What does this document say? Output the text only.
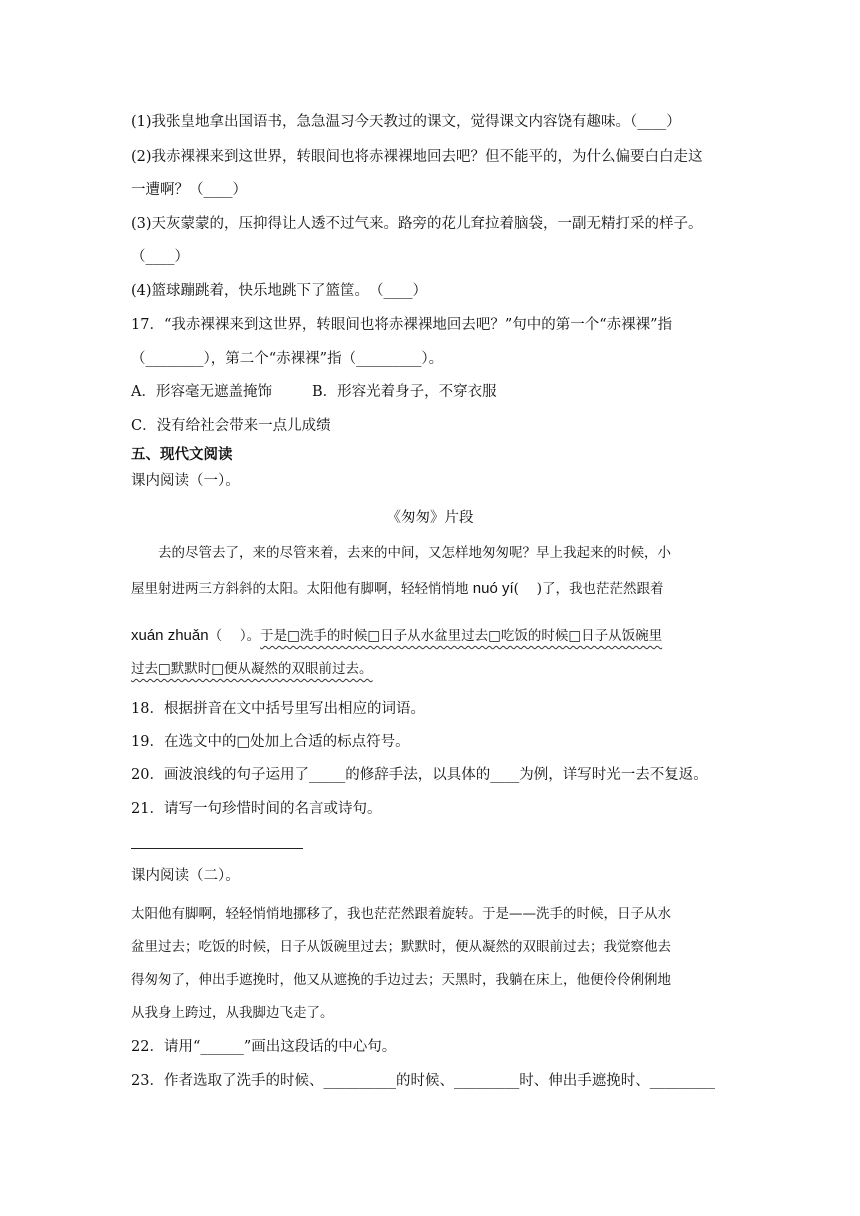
(1)我张皇地拿出国语书，急急温习今天教过的课文，觉得课文内容饶有趣味。（____）
(2)我赤裸裸来到这世界，转眼间也将赤裸裸地回去吧？但不能平的，为什么偏要白白走这
一遭啊？（____）
(3)天灰蒙蒙的，压抑得让人透不过气来。路旁的花儿耷拉着脑袋，一副无精打采的样子。
（____）
(4)篮球蹦跳着，快乐地跳下了篮筐。　（____）
17．“我赤裸裸来到这世界，转眼间也将赤裸裸地回去吧？”句中的第一个“赤裸裸”指
（________），第二个“赤裸裸”指（_________）。
A．形容毫无遮盖掩饰	B．形容光着身子，不穿衣服
C．没有给社会带来一点儿成绩
五、现代文阅读
课内阅读（一）。
《匆匆》片段
　　去的尽管去了，来的尽管来着，去来的中间，又怎样地匆匆呢？早上我起来的时候，小
屋里射进两三方斜斜的太阳。太阳他有脚啊，轻轻悄悄地 nuó yí(　 )了，我也茫茫然跟着
xuán zhuǎn（　 ）。于是□洗手的时候□日子从水盆里过去□吃饭的时候□日子从饭碗里
过去□默默时□便从凝然的双眼前过去。
18．根据拼音在文中括号里写出相应的词语。
19．在选文中的□处加上合适的标点符号。
20．画波浪线的句子运用了_____的修辞手法，以具体的____为例，详写时光一去不复返。
21．请写一句珍惜时间的名言或诗句。
课内阅读（二）。
太阳他有脚啊，轻轻悄悄地挪移了，我也茫茫然跟着旋转。于是——洗手的时候，日子从水
盆里过去；吃饭的时候，日子从饭碗里过去；默默时，便从凝然的双眼前过去；我觉察他去
得匆匆了，伸出手遮挽时，他又从遮挽的手边过去；天黑时，我躺在床上，他便伶伶俐俐地
从我身上跨过，从我脚边飞走了。
22．请用“______”画出这段话的中心句。
23．作者选取了洗手的时候、__________的时候、_________时、伸出手遮挽时、_________
